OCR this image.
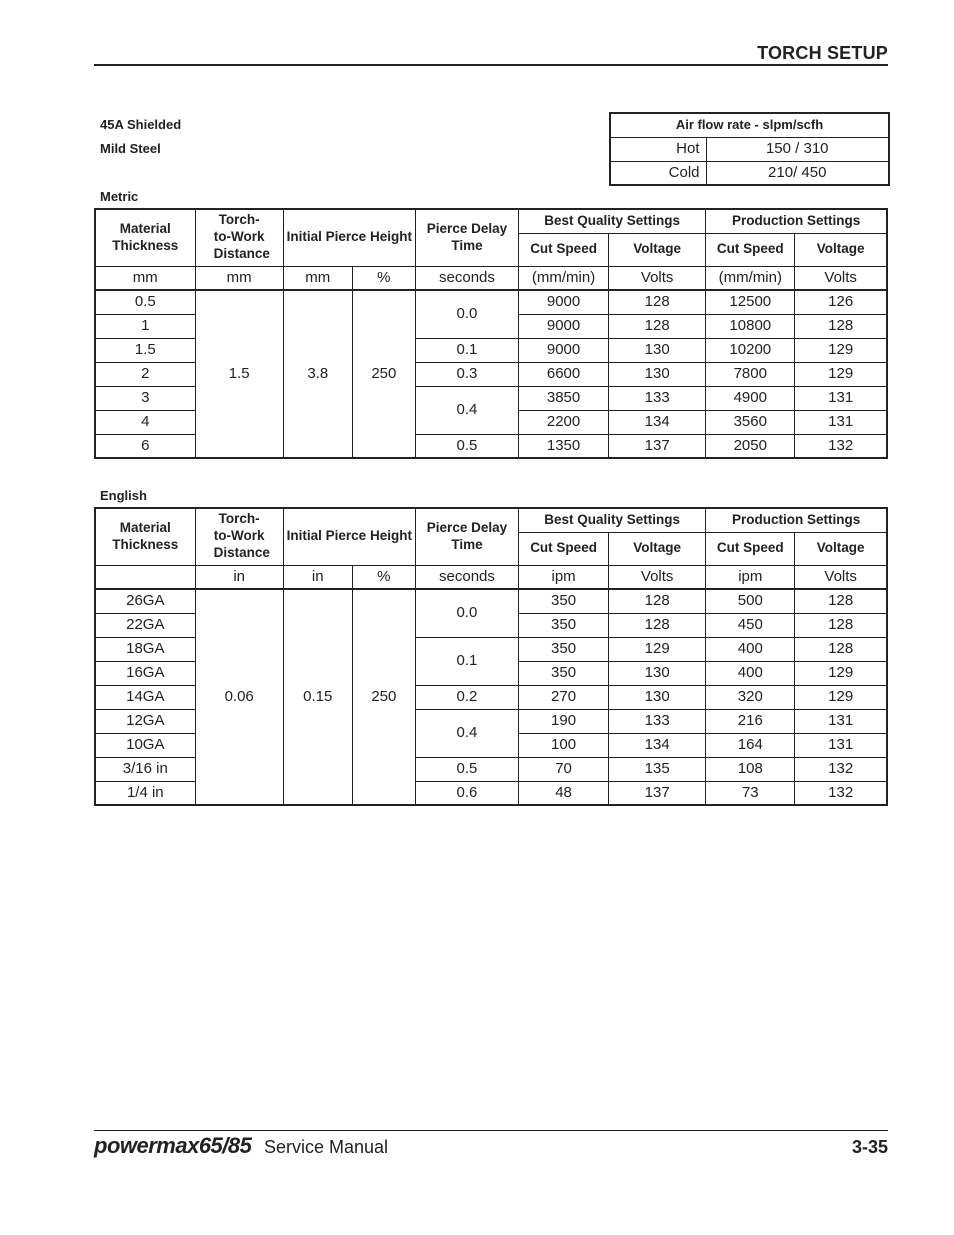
TORCH SETUP
45A Shielded
Mild Steel
Air flow rate - slpm/scfh	
Hot	150 / 310
Cold	210/ 450
Metric
Material Thickness	Torch-to-Work Distance	Initial Pierce Height		Pierce Delay Time	Best Quality Settings		Production Settings	
					Cut Speed	Voltage	Cut Speed	Voltage
mm	mm	mm	%	seconds	(mm/min)	Volts	(mm/min)	Volts
0.5	1.5	3.8	250	0.0	9000	128	12500	126
1					9000	128	10800	128
1.5				0.1	9000	130	10200	129
2				0.3	6600	130	7800	129
3				0.4	3850	133	4900	131
4					2200	134	3560	131
6				0.5	1350	137	2050	132
English
Material Thickness	Torch-to-Work Distance	Initial Pierce Height		Pierce Delay Time	Best Quality Settings		Production Settings	
					Cut Speed	Voltage	Cut Speed	Voltage
	in	in	%	seconds	ipm	Volts	ipm	Volts
26GA	0.06	0.15	250	0.0	350	128	500	128
22GA					350	128	450	128
18GA				0.1	350	129	400	128
16GA					350	130	400	129
14GA				0.2	270	130	320	129
12GA				0.4	190	133	216	131
10GA					100	134	164	131
3/16 in				0.5	70	135	108	132
1/4 in				0.6	48	137	73	132
powermax65/85 Service Manual	3-35
